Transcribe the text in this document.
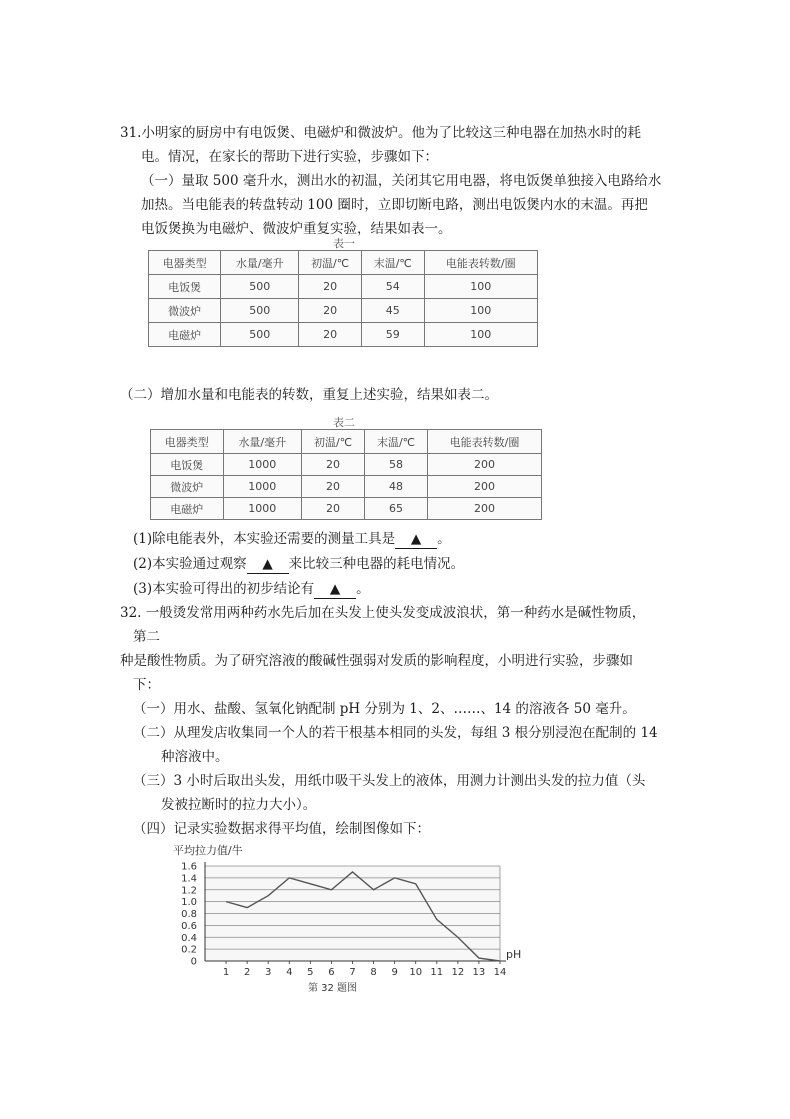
31.小明家的厨房中有电饭煲、电磁炉和微波炉。他为了比较这三种电器在加热水时的耗
电。情况，在家长的帮助下进行实验，步骤如下：
（一）量取 500 毫升水，测出水的初温，关闭其它用电器，将电饭煲单独接入电路给水
加热。当电能表的转盘转动 100 圈时，立即切断电路，测出电饭煲内水的末温。再把
电饭煲换为电磁炉、微波炉重复实验，结果如表一。
表一
电器类型	水量/毫升	初温/℃	末温/℃	电能表转数/圈
电饭煲	500	20	54	100
微波炉	500	20	45	100
电磁炉	500	20	59	100
（二）增加水量和电能表的转数，重复上述实验，结果如表二。
表二
电器类型	水量/毫升	初温/℃	末温/℃	电能表转数/圈
电饭煲	1000	20	58	200
微波炉	1000	20	48	200
电磁炉	1000	20	65	200
(1)除电能表外，本实验还需要的测量工具是 ▲ 。
(2)本实验通过观察 ▲ 来比较三种电器的耗电情况。
(3)本实验可得出的初步结论有 ▲ 。
32. 一般烫发常用两种药水先后加在头发上使头发变成波浪状，第一种药水是碱性物质，
第二
种是酸性物质。为了研究溶液的酸碱性强弱对发质的影响程度，小明进行实验，步骤如
下：
（一）用水、盐酸、氢氧化钠配制 pH 分别为 1、2、……、14 的溶液各 50 毫升。
（二）从理发店收集同一个人的若干根基本相同的头发，每组 3 根分别浸泡在配制的 14
种溶液中。
（三）3 小时后取出头发，用纸巾吸干头发上的液体，用测力计测出头发的拉力值（头
发被拉断时的拉力大小）。
（四）记录实验数据求得平均值，绘制图像如下：
0
0.2
0.4
0.6
0.8
1.0
1.2
1.4
1.6
1 2 3 4 5 6 7 8 9 10 11 12 13 14
平均拉力值/牛
pH
第 32 题图
